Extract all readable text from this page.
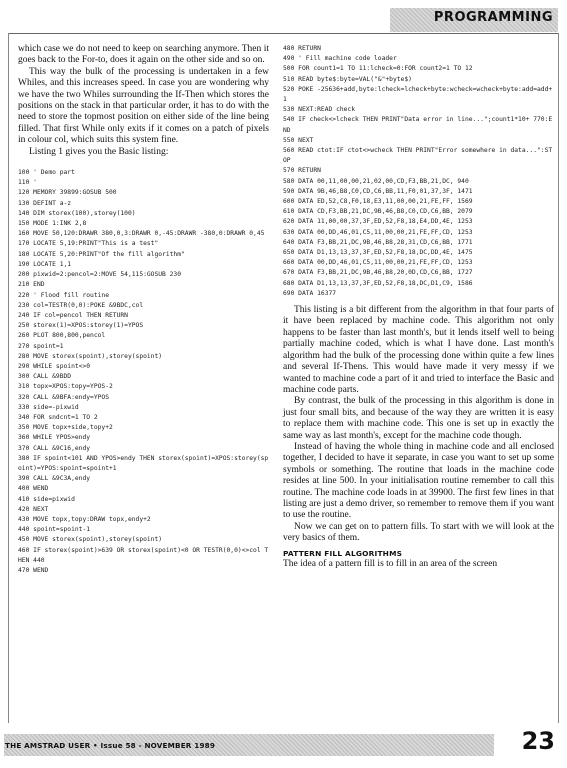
PROGRAMMING

which case we do not need to keep on searching anymore. Then it goes back to the For-to, does it again on the other side and so on.

This way the bulk of the processing is undertaken in a few Whiles, and this increases speed. In case you are wondering why we have the two Whiles surrounding the If-Then which stores the positions on the stack in that particular order, it has to do with the need to store the topmost position on either side of the line being filled. That first While only exits if it comes on a patch of pixels in colour col, which suits this system fine.

Listing 1 gives you the Basic listing:

100 ' Demo part
110 '
120 MEMORY 39899:GOSUB 500
130 DEFINT a-z
140 DIM storex(100),storey(100)
150 MODE 1:INK 2,8
160 MOVE 50,120:DRAWR 380,0,3:DRAWR 0,-45:DRAWR -380,0:DRAWR 0,45
170 LOCATE 5,19:PRINT"This is a test"
180 LOCATE 5,20:PRINT"Of the fill algorithm"
190 LOCATE 1,1
200 pixwid=2:pencol=2:MOVE 54,115:GOSUB 230
210 END
220 ' Flood fill routine
230 col=TESTR(0,0):POKE &9BDC,col
240 IF col=pencol THEN RETURN
250 storex(1)=XPOS:storey(1)=YPOS
260 PLOT 800,800,pencol
270 spoint=1
280 MOVE storex(spoint),storey(spoint)
290 WHILE spoint<>0
300 CALL &9BDD
310 topx=XPOS:topy=YPOS-2
320 CALL &9BFA:endy=YPOS
330 side=-pixwid
340 FOR sndcnt=1 TO 2
350 MOVE topx+side,topy+2
360 WHILE YPOS>endy
370 CALL &9C16,endy
380 IF spoint<101 AND YPOS>endy THEN storex(spoint)=XPOS:storey(spoint)=YPOS:spoint=spoint+1
390 CALL &9C3A,endy
400 WEND
410 side=pixwid
420 NEXT
430 MOVE topx,topy:DRAW topx,endy+2
440 spoint=spoint-1
450 MOVE storex(spoint),storey(spoint)
460 IF storex(spoint)>639 OR storex(spoint)<0 OR TESTR(0,0)<>col THEN 440
470 WEND
480 RETURN
490 ' Fill machine code loader
500 FOR count1=1 TO 11:lcheck=0:FOR count2=1 TO 12
510 READ byte$:byte=VAL("&"+byte$)
520 POKE -25636+add,byte:lcheck=lcheck+byte:wcheck=wcheck+byte:add=add+1
530 NEXT:READ check
540 IF check<>lcheck THEN PRINT"Data error in line...";count1*10+ 770:END
550 NEXT
560 READ ctot:IF ctot<>wcheck THEN PRINT"Error somewhere in data...":STOP
570 RETURN
580 DATA 00,11,00,00,21,02,00,CD,F3,BB,21,DC, 940
590 DATA 9B,46,B8,C0,CD,C6,BB,11,F0,01,37,3F, 1471
600 DATA ED,52,C8,F0,18,E3,11,00,00,21,FE,FF, 1569
610 DATA CD,F3,BB,21,DC,9B,46,B8,C0,CD,C6,BB, 2079
620 DATA 11,00,00,37,3F,ED,52,F8,18,E4,DD,4E, 1253
630 DATA 00,DD,46,01,C5,11,00,00,21,FE,FF,CD, 1253
640 DATA F3,BB,21,DC,9B,46,B8,28,31,CD,C6,BB, 1771
650 DATA D1,13,13,37,3F,ED,52,F8,18,DC,DD,4E, 1475
660 DATA 00,DD,46,01,C5,11,00,00,21,FE,FF,CD, 1253
670 DATA F3,BB,21,DC,9B,46,B8,20,0D,CD,C6,BB, 1727
680 DATA D1,13,13,37,3F,ED,52,F8,18,DC,D1,C9, 1586
690 DATA 16377

This listing is a bit different from the algorithm in that four parts of it have been replaced by machine code. This algorithm not only happens to be faster than last month's, but it lends itself well to being partially machine coded, which is what I have done. Last month's algorithm had the bulk of the processing done within quite a few lines and several If-Thens. This would have made it very messy if we wanted to machine code a part of it and tried to interface the Basic and machine code parts.

By contrast, the bulk of the processing in this algorithm is done in just four small bits, and because of the way they are written it is easy to replace them with machine code. This one is set up in exactly the same way as last month's, except for the machine code though.

Instead of having the whole thing in machine code and all enclosed together, I decided to have it separate, in case you want to set up some symbols or something. The routine that loads in the machine code resides at line 500. In your initialisation routine remember to call this routine. The machine code loads in at 39900. The first few lines in that listing are just a demo driver, so remember to remove them if you want to use the routine.

Now we can get on to pattern fills. To start with we will look at the very basics of them.

PATTERN FILL ALGORITHMS

The idea of a pattern fill is to fill in an area of the screen

THE AMSTRAD USER • Issue 58 - NOVEMBER 1989	23
